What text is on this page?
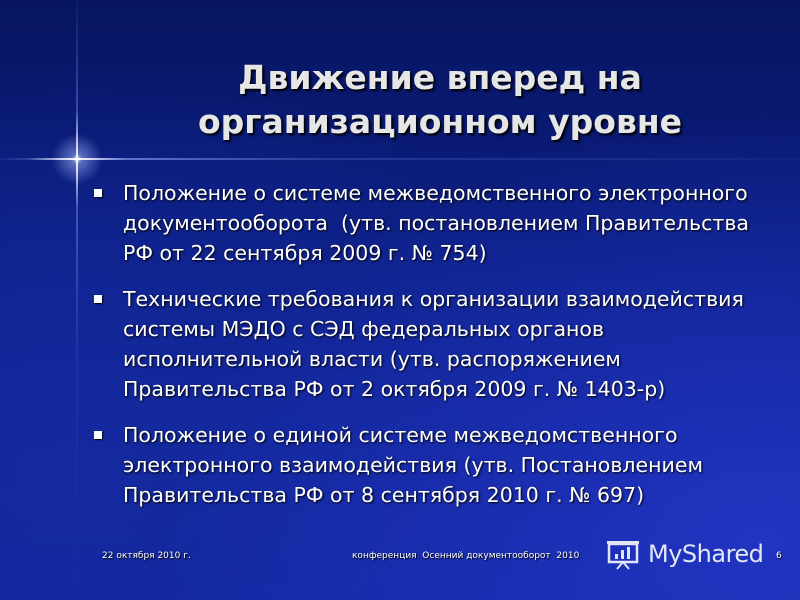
Движение вперед на
организационном уровне
Положение о системе межведомственного электронного
документооборота  (утв. постановлением Правительства
РФ от 22 сентября 2009 г. № 754)
Технические требования к организации взаимодействия
системы МЭДО с СЭД федеральных органов
исполнительной власти (утв. распоряжением
Правительства РФ от 2 октября 2009 г. № 1403-р)
Положение о единой системе межведомственного
электронного взаимодействия (утв. Постановлением
Правительства РФ от 8 сентября 2010 г. № 697)
22 октября 2010 г.	конференция  Осенний документооборот  2010	MyShared 6
